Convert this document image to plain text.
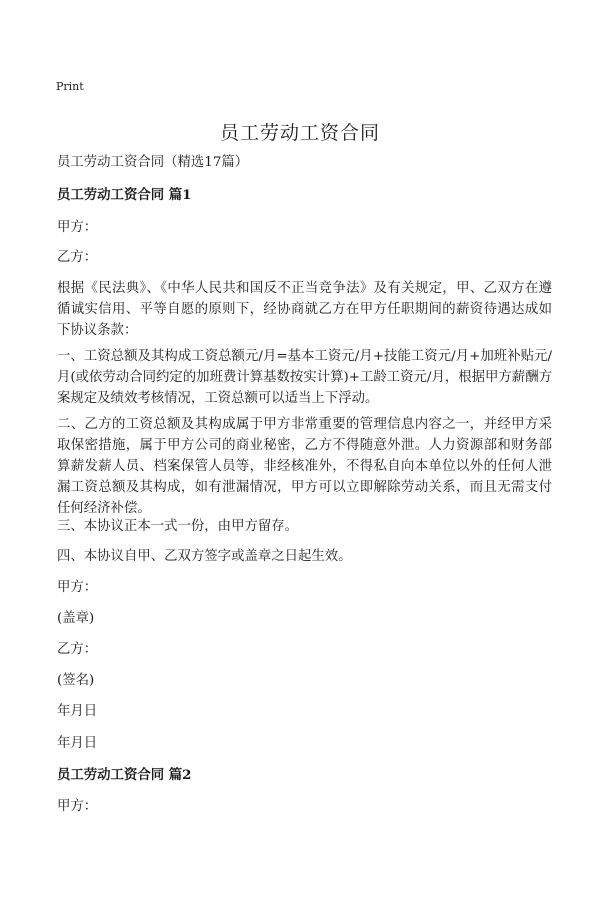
Print
员工劳动工资合同

员工劳动工资合同（精选17篇）

员工劳动工资合同 篇1

甲方：

乙方：

根据《民法典》、《中华人民共和国反不正当竞争法》及有关规定，甲、乙双方在遵循诚实信用、平等自愿的原则下，经协商就乙方在甲方任职期间的薪资待遇达成如下协议条款：

一、工资总额及其构成工资总额元/月=基本工资元/月+技能工资元/月+加班补贴元/月(或依劳动合同约定的加班费计算基数按实计算)+工龄工资元/月，根据甲方薪酬方案规定及绩效考核情况，工资总额可以适当上下浮动。

二、乙方的工资总额及其构成属于甲方非常重要的管理信息内容之一，并经甲方采取保密措施，属于甲方公司的商业秘密，乙方不得随意外泄。人力资源部和财务部算薪发薪人员、档案保管人员等，非经核准外，不得私自向本单位以外的任何人泄漏工资总额及其构成，如有泄漏情况，甲方可以立即解除劳动关系，而且无需支付任何经济补偿。

三、本协议正本一式一份，由甲方留存。

四、本协议自甲、乙双方签字或盖章之日起生效。

甲方：

(盖章)

乙方：

(签名)

年月日

年月日

员工劳动工资合同 篇2

甲方：
